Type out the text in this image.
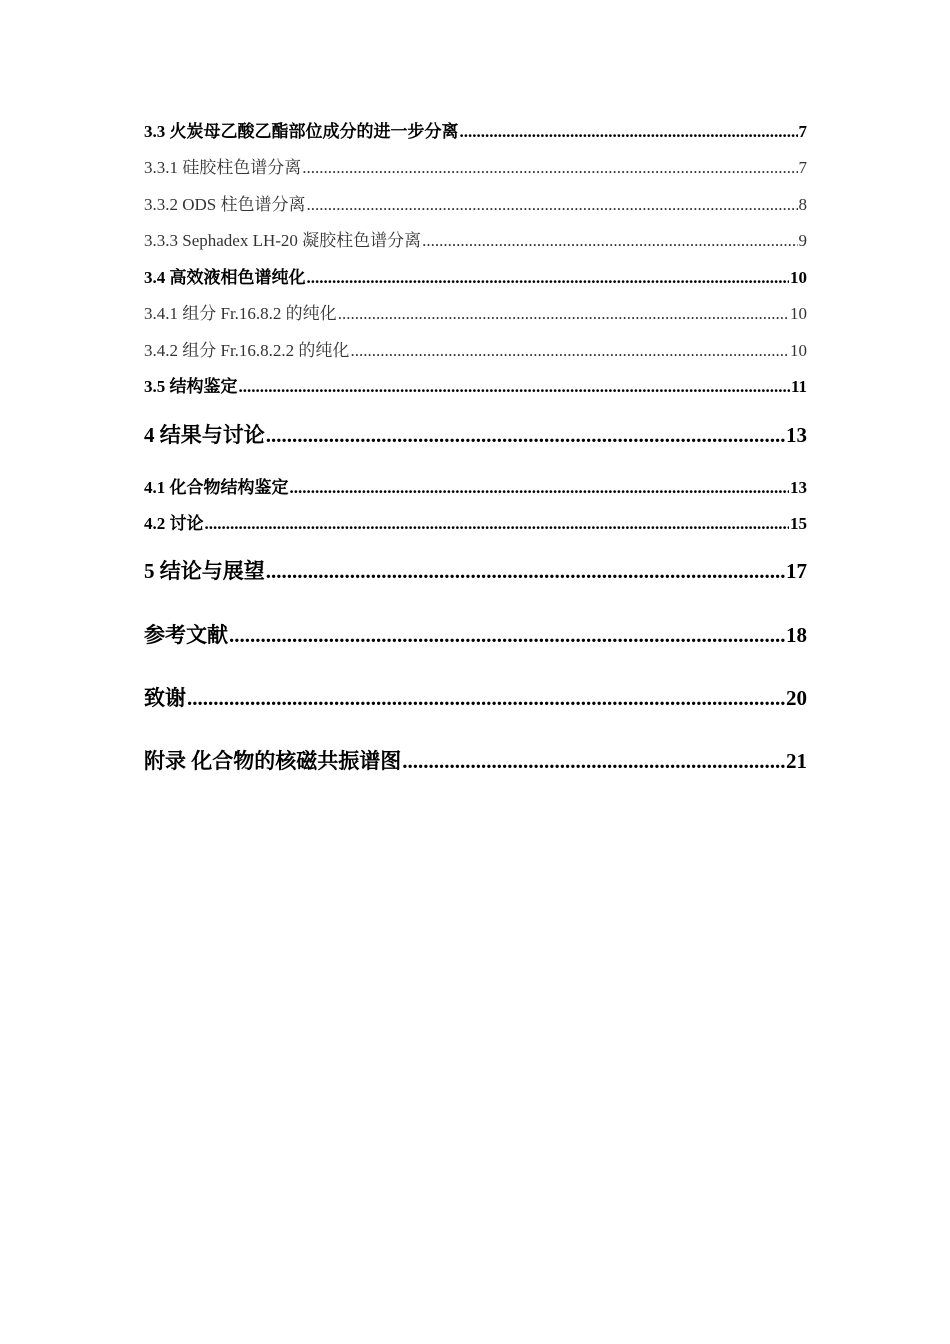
3.3 火炭母乙酸乙酯部位成分的进一步分离 .....	7
3.3.1 硅胶柱色谱分离 .....	7
3.3.2 ODS 柱色谱分离 .....	8
3.3.3 Sephadex LH-20 凝胶柱色谱分离 .....	9
3.4 高效液相色谱纯化 .....	10
3.4.1 组分 Fr.16.8.2 的纯化 .....	10
3.4.2 组分 Fr.16.8.2.2 的纯化 .....	10
3.5 结构鉴定 .....	11
4 结果与讨论 .....	13
4.1 化合物结构鉴定 .....	13
4.2 讨论 .....	15
5 结论与展望 .....	17
参考文献 .....	18
致谢 .....	20
附录 化合物的核磁共振谱图 .....	21
